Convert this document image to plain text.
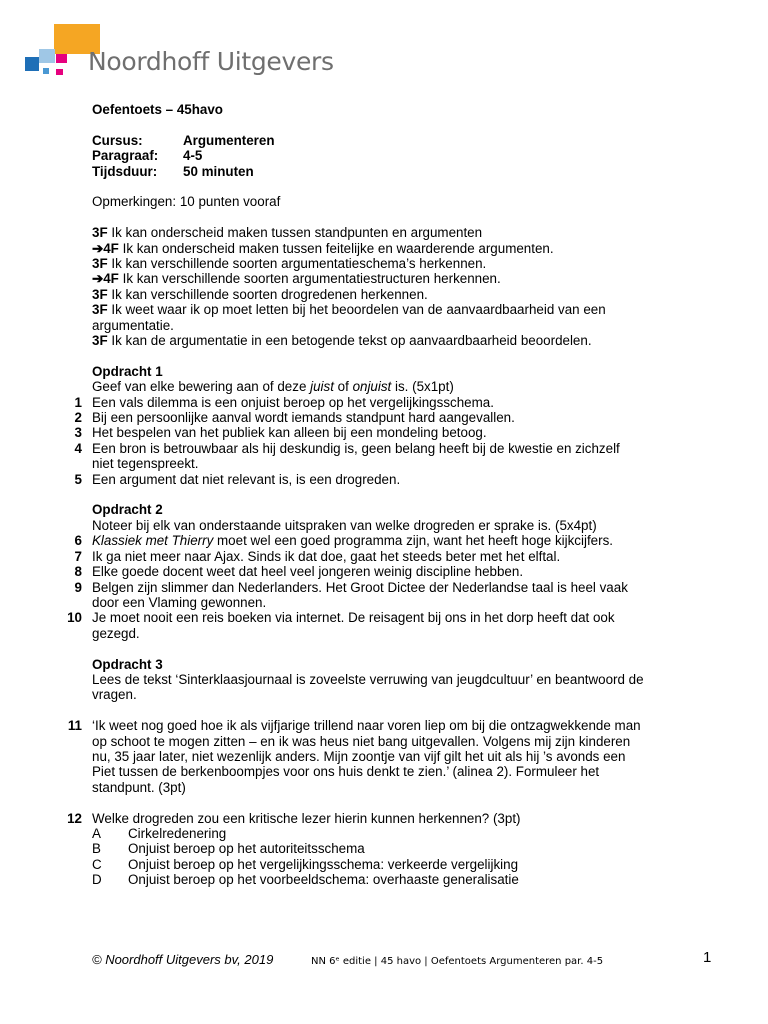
Noordhoff Uitgevers
Oefentoets – 45havo
Cursus:	Argumenteren
Paragraaf:	4-5
Tijdsduur:	50 minuten
Opmerkingen: 10 punten vooraf
3F Ik kan onderscheid maken tussen standpunten en argumenten
➔4F Ik kan onderscheid maken tussen feitelijke en waarderende argumenten.
3F Ik kan verschillende soorten argumentatieschema’s herkennen.
➔4F Ik kan verschillende soorten argumentatiestructuren herkennen.
3F Ik kan verschillende soorten drogredenen herkennen.
3F Ik weet waar ik op moet letten bij het beoordelen van de aanvaardbaarheid van een
argumentatie.
3F Ik kan de argumentatie in een betogende tekst op aanvaardbaarheid beoordelen.
Opdracht 1
Geef van elke bewering aan of deze juist of onjuist is. (5x1pt)
1 Een vals dilemma is een onjuist beroep op het vergelijkingsschema.
2 Bij een persoonlijke aanval wordt iemands standpunt hard aangevallen.
3 Het bespelen van het publiek kan alleen bij een mondeling betoog.
4 Een bron is betrouwbaar als hij deskundig is, geen belang heeft bij de kwestie en zichzelf
niet tegenspreekt.
5 Een argument dat niet relevant is, is een drogreden.
Opdracht 2
Noteer bij elk van onderstaande uitspraken van welke drogreden er sprake is. (5x4pt)
6 Klassiek met Thierry moet wel een goed programma zijn, want het heeft hoge kijkcijfers.
7 Ik ga niet meer naar Ajax. Sinds ik dat doe, gaat het steeds beter met het elftal.
8 Elke goede docent weet dat heel veel jongeren weinig discipline hebben.
9 Belgen zijn slimmer dan Nederlanders. Het Groot Dictee der Nederlandse taal is heel vaak
door een Vlaming gewonnen.
10 Je moet nooit een reis boeken via internet. De reisagent bij ons in het dorp heeft dat ook
gezegd.
Opdracht 3
Lees de tekst ‘Sinterklaasjournaal is zoveelste verruwing van jeugdcultuur’ en beantwoord de
vragen.
11 ‘Ik weet nog goed hoe ik als vijfjarige trillend naar voren liep om bij die ontzagwekkende man
op schoot te mogen zitten – en ik was heus niet bang uitgevallen. Volgens mij zijn kinderen
nu, 35 jaar later, niet wezenlijk anders. Mijn zoontje van vijf gilt het uit als hij ’s avonds een
Piet tussen de berkenboompjes voor ons huis denkt te zien.’ (alinea 2). Formuleer het
standpunt. (3pt)
12 Welke drogreden zou een kritische lezer hierin kunnen herkennen? (3pt)
A	Cirkelredenering
B	Onjuist beroep op het autoriteitsschema
C	Onjuist beroep op het vergelijkingsschema: verkeerde vergelijking
D	Onjuist beroep op het voorbeeldschema: overhaaste generalisatie
© Noordhoff Uitgevers bv, 2019	NN 6ᵉ editie | 45 havo | Oefentoets Argumenteren par. 4-5	1
